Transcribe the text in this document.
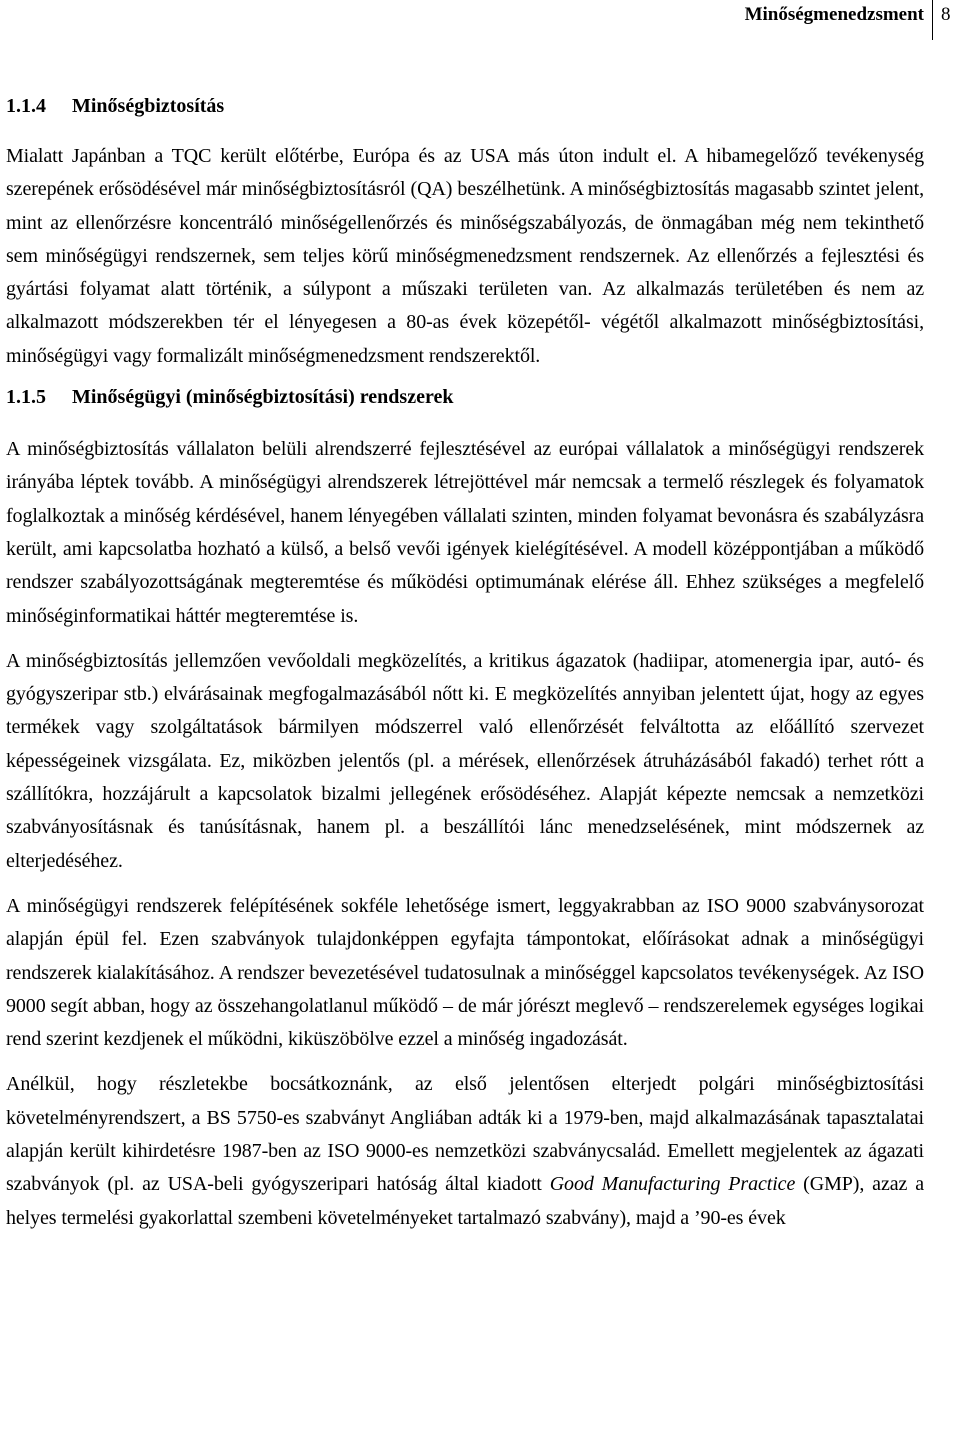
Minőségmenedzsment 8
1.1.4 Minőségbiztosítás

Mialatt Japánban a TQC került előtérbe, Európa és az USA más úton indult el. A hibamegelőző tevékenység szerepének erősödésével már minőségbiztosításról (QA) beszélhetünk. A minőségbiztosítás magasabb szintet jelent, mint az ellenőrzésre koncentráló minőségellenőrzés és minőségszabályozás, de önmagában még nem tekinthető sem minőségügyi rendszernek, sem teljes körű minőségmenedzsment rendszernek. Az ellenőrzés a fejlesztési és gyártási folyamat alatt történik, a súlypont a műszaki területen van. Az alkalmazás területében és nem az alkalmazott módszerekben tér el lényegesen a 80-as évek közepétől- végétől alkalmazott minőségbiztosítási, minőségügyi vagy formalizált minőségmenedzsment rendszerektől.

1.1.5 Minőségügyi (minőségbiztosítási) rendszerek

A minőségbiztosítás vállalaton belüli alrendszerré fejlesztésével az európai vállalatok a minőségügyi rendszerek irányába léptek tovább. A minőségügyi alrendszerek létrejöttével már nemcsak a termelő részlegek és folyamatok foglalkoztak a minőség kérdésével, hanem lényegében vállalati szinten, minden folyamat bevonásra és szabályzásra került, ami kapcsolatba hozható a külső, a belső vevői igények kielégítésével. A modell középpontjában a működő rendszer szabályozottságának megteremtése és működési optimumának elérése áll. Ehhez szükséges a megfelelő minőséginformatikai háttér megteremtése is.

A minőségbiztosítás jellemzően vevőoldali megközelítés, a kritikus ágazatok (hadiipar, atomenergia ipar, autó- és gyógyszeripar stb.) elvárásainak megfogalmazásából nőtt ki. E megközelítés annyiban jelentett újat, hogy az egyes termékek vagy szolgáltatások bármilyen módszerrel való ellenőrzését felváltotta az előállító szervezet képességeinek vizsgálata. Ez, miközben jelentős (pl. a mérések, ellenőrzések átruházásából fakadó) terhet rótt a szállítókra, hozzájárult a kapcsolatok bizalmi jellegének erősödéséhez. Alapját képezte nemcsak a nemzetközi szabványosításnak és tanúsításnak, hanem pl. a beszállítói lánc menedzselésének, mint módszernek az elterjedéséhez.

A minőségügyi rendszerek felépítésének sokféle lehetősége ismert, leggyakrabban az ISO 9000 szabványsorozat alapján épül fel. Ezen szabványok tulajdonképpen egyfajta támpontokat, előírásokat adnak a minőségügyi rendszerek kialakításához. A rendszer bevezetésével tudatosulnak a minőséggel kapcsolatos tevékenységek. Az ISO 9000 segít abban, hogy az összehangolatlanul működő – de már jórészt meglevő – rendszerelemek egységes logikai rend szerint kezdjenek el működni, kiküszöbölve ezzel a minőség ingadozását.

Anélkül, hogy részletekbe bocsátkoznánk, az első jelentősen elterjedt polgári minőségbiztosítási követelményrendszert, a BS 5750-es szabványt Angliában adták ki a 1979-ben, majd alkalmazásának tapasztalatai alapján került kihirdetésre 1987-ben az ISO 9000-es nemzetközi szabványcsalád. Emellett megjelentek az ágazati szabványok (pl. az USA-beli gyógyszeripari hatóság által kiadott Good Manufacturing Practice (GMP), azaz a helyes termelési gyakorlattal szembeni követelményeket tartalmazó szabvány), majd a ’90-es évek
